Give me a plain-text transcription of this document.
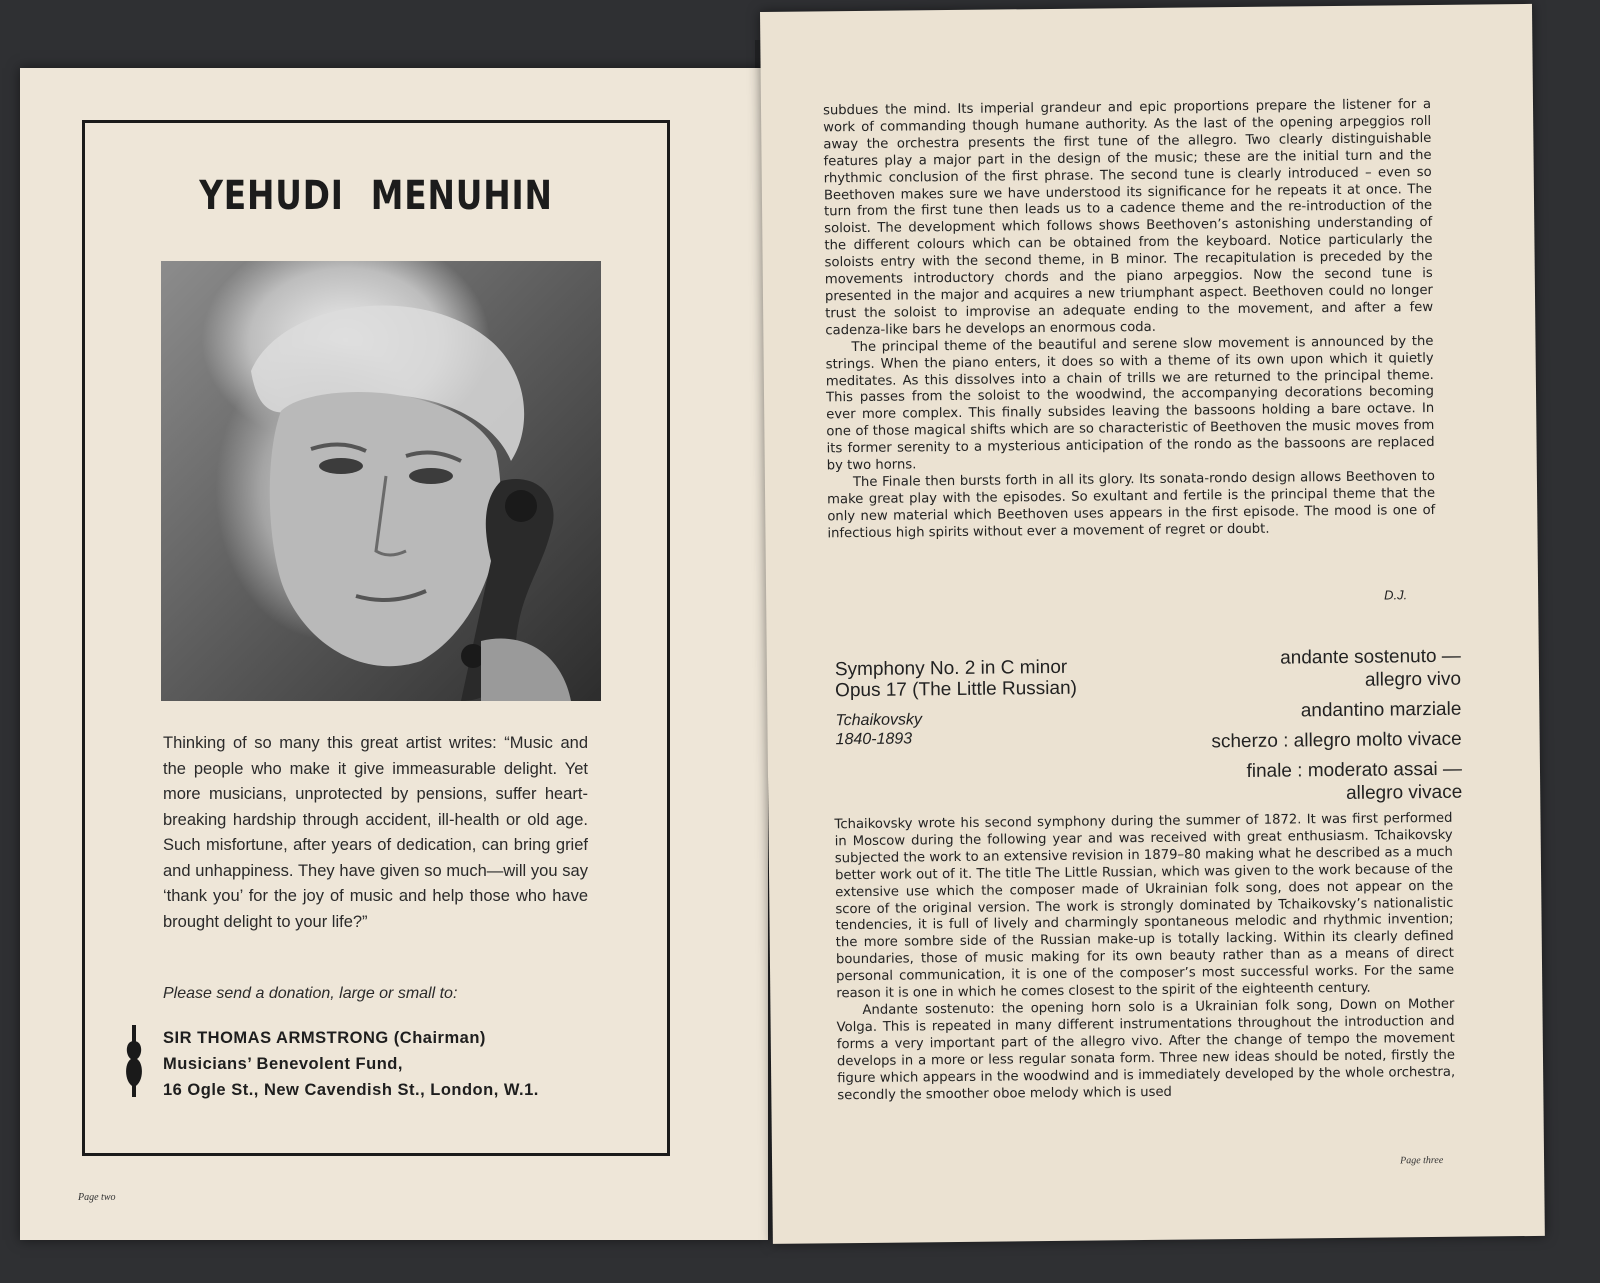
YEHUDI MENUHIN
Thinking of so many this great artist writes: “Music and the people who make it give immeasurable delight. Yet more musicians, unprotected by pensions, suffer heart-breaking hardship through accident, ill-health or old age. Such misfortune, after years of dedication, can bring grief and unhappiness. They have given so much—will you say ‘thank you’ for the joy of music and help those who have brought delight to your life?”
Please send a donation, large or small to:
SIR THOMAS ARMSTRONG (Chairman)
Musicians’ Benevolent Fund,
16 Ogle St., New Cavendish St., London, W.1.
Page two

subdues the mind. Its imperial grandeur and epic proportions prepare the listener for a work of commanding though humane authority. As the last of the opening arpeggios roll away the orchestra presents the first tune of the allegro. Two clearly distinguishable features play a major part in the design of the music; these are the initial turn and the rhythmic conclusion of the first phrase. The second tune is clearly introduced – even so Beethoven makes sure we have understood its significance for he repeats it at once. The turn from the first tune then leads us to a cadence theme and the re-introduction of the soloist. The development which follows shows Beethoven’s astonishing understanding of the different colours which can be obtained from the keyboard. Notice particularly the soloists entry with the second theme, in B minor. The recapitulation is preceded by the movements introductory chords and the piano arpeggios. Now the second tune is presented in the major and acquires a new triumphant aspect. Beethoven could no longer trust the soloist to improvise an adequate ending to the movement, and after a few cadenza-like bars he develops an enormous coda.

The principal theme of the beautiful and serene slow movement is announced by the strings. When the piano enters, it does so with a theme of its own upon which it quietly meditates. As this dissolves into a chain of trills we are returned to the principal theme. This passes from the soloist to the woodwind, the accompanying decorations becoming ever more complex. This finally subsides leaving the bassoons holding a bare octave. In one of those magical shifts which are so characteristic of Beethoven the music moves from its former serenity to a mysterious anticipation of the rondo as the bassoons are replaced by two horns.

The Finale then bursts forth in all its glory. Its sonata-rondo design allows Beethoven to make great play with the episodes. So exultant and fertile is the principal theme that the only new material which Beethoven uses appears in the first episode. The mood is one of infectious high spirits without ever a movement of regret or doubt.

D.J.
Symphony No. 2 in C minor
Opus 17 (The Little Russian)
Tchaikovsky
1840-1893
andante sostenuto —
allegro vivo
andantino marziale
scherzo : allegro molto vivace
finale : moderato assai —
allegro vivace

Tchaikovsky wrote his second symphony during the summer of 1872. It was first performed in Moscow during the following year and was received with great enthusiasm. Tchaikovsky subjected the work to an extensive revision in 1879–80 making what he described as a much better work out of it. The title The Little Russian, which was given to the work because of the extensive use which the composer made of Ukrainian folk song, does not appear on the score of the original version. The work is strongly dominated by Tchaikovsky’s nationalistic tendencies, it is full of lively and charmingly spontaneous melodic and rhythmic invention; the more sombre side of the Russian make-up is totally lacking. Within its clearly defined boundaries, those of music making for its own beauty rather than as a means of direct personal communication, it is one of the composer’s most successful works. For the same reason it is one in which he comes closest to the spirit of the eighteenth century.

Andante sostenuto: the opening horn solo is a Ukrainian folk song, Down on Mother Volga. This is repeated in many different instrumentations throughout the introduction and forms a very important part of the allegro vivo. After the change of tempo the movement develops in a more or less regular sonata form. Three new ideas should be noted, firstly the figure which appears in the woodwind and is immediately developed by the whole orchestra, secondly the smoother oboe melody which is used

Page three
